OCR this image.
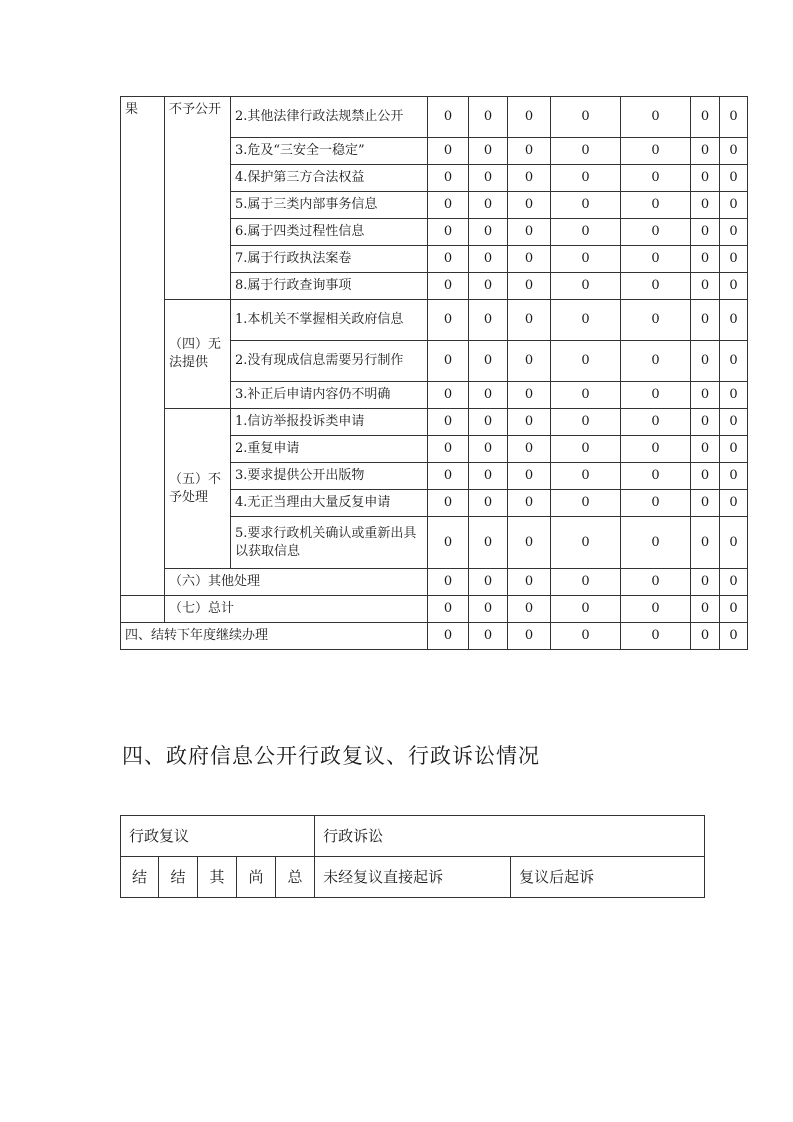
果	不予公开	2.其他法律行政法规禁止公开	0	0	0	0	0	0	0
		3.危及“三安全一稳定”	0	0	0	0	0	0	0
		4.保护第三方合法权益	0	0	0	0	0	0	0
		5.属于三类内部事务信息	0	0	0	0	0	0	0
		6.属于四类过程性信息	0	0	0	0	0	0	0
		7.属于行政执法案卷	0	0	0	0	0	0	0
		8.属于行政查询事项	0	0	0	0	0	0	0
	（四）无法提供	1.本机关不掌握相关政府信息	0	0	0	0	0	0	0
		2.没有现成信息需要另行制作	0	0	0	0	0	0	0
		3.补正后申请内容仍不明确	0	0	0	0	0	0	0
	（五）不予处理	1.信访举报投诉类申请	0	0	0	0	0	0	0
		2.重复申请	0	0	0	0	0	0	0
		3.要求提供公开出版物	0	0	0	0	0	0	0
		4.无正当理由大量反复申请	0	0	0	0	0	0	0
		5.要求行政机关确认或重新出具以获取信息	0	0	0	0	0	0	0
	（六）其他处理		0	0	0	0	0	0	0
	（七）总计		0	0	0	0	0	0	0
四、结转下年度继续办理			0	0	0	0	0	0	0
四、政府信息公开行政复议、行政诉讼情况
行政复议					行政诉讼	
结	结	其	尚	总	未经复议直接起诉	复议后起诉
